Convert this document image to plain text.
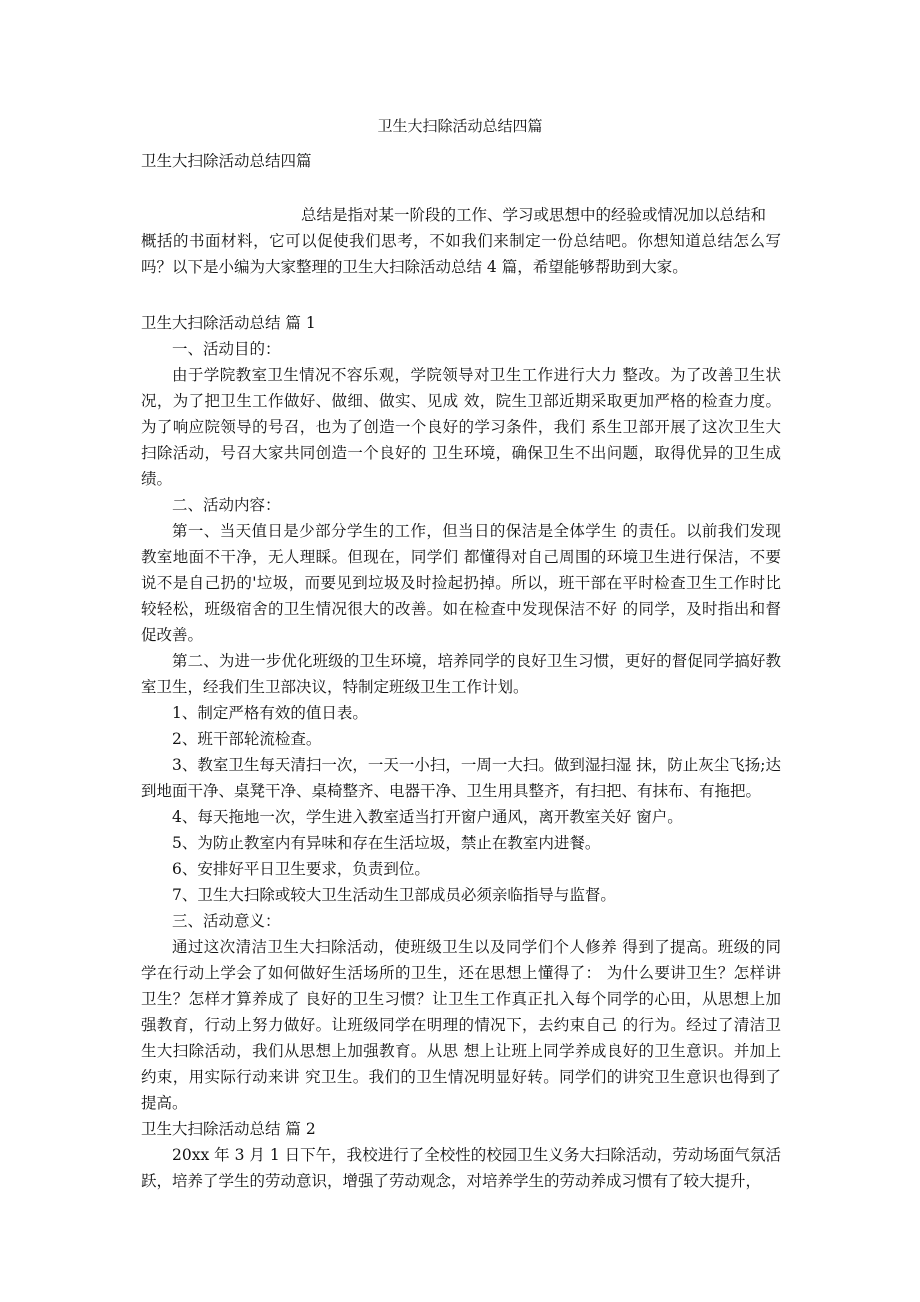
卫生大扫除活动总结四篇

卫生大扫除活动总结四篇

总结是指对某一阶段的工作、学习或思想中的经验或情况加以总结和

概括的书面材料，它可以促使我们思考，不如我们来制定一份总结吧。你想知道总结怎么写吗？以下是小编为大家整理的卫生大扫除活动总结 4 篇，希望能够帮助到大家。

卫生大扫除活动总结 篇 1

一、活动目的：

由于学院教室卫生情况不容乐观，学院领导对卫生工作进行大力 整改。为了改善卫生状况，为了把卫生工作做好、做细、做实、见成 效，院生卫部近期采取更加严格的检查力度。为了响应院领导的号召，也为了创造一个良好的学习条件，我们 系生卫部开展了这次卫生大扫除活动，号召大家共同创造一个良好的 卫生环境，确保卫生不出问题，取得优异的卫生成绩。

二、活动内容：

第一、当天值日是少部分学生的工作，但当日的保洁是全体学生 的责任。以前我们发现教室地面不干净，无人理睬。但现在，同学们 都懂得对自己周围的环境卫生进行保洁，不要说不是自己扔的'垃圾，而要见到垃圾及时捡起扔掉。所以，班干部在平时检查卫生工作时比 较轻松，班级宿舍的卫生情况很大的改善。如在检查中发现保洁不好 的同学，及时指出和督促改善。

第二、为进一步优化班级的卫生环境，培养同学的良好卫生习惯，更好的督促同学搞好教室卫生，经我们生卫部决议，特制定班级卫生工作计划。

1、制定严格有效的值日表。

2、班干部轮流检查。

3、教室卫生每天清扫一次，一天一小扫，一周一大扫。做到湿扫湿 抹，防止灰尘飞扬;达到地面干净、桌凳干净、桌椅整齐、电器干净、卫生用具整齐，有扫把、有抹布、有拖把。

4、每天拖地一次，学生进入教室适当打开窗户通风，离开教室关好 窗户。

5、为防止教室内有异味和存在生活垃圾，禁止在教室内进餐。

6、安排好平日卫生要求，负责到位。

7、卫生大扫除或较大卫生活动生卫部成员必须亲临指导与监督。

三、活动意义：

通过这次清洁卫生大扫除活动，使班级卫生以及同学们个人修养 得到了提高。班级的同学在行动上学会了如何做好生活场所的卫生，还在思想上懂得了： 为什么要讲卫生？怎样讲卫生？怎样才算养成了 良好的卫生习惯？让卫生工作真正扎入每个同学的心田，从思想上加 强教育，行动上努力做好。让班级同学在明理的情况下，去约束自己 的行为。经过了清洁卫生大扫除活动，我们从思想上加强教育。从思 想上让班上同学养成良好的卫生意识。并加上约束，用实际行动来讲 究卫生。我们的卫生情况明显好转。同学们的讲究卫生意识也得到了 提高。

卫生大扫除活动总结 篇 2

20xx 年 3 月 1 日下午，我校进行了全校性的校园卫生义务大扫除活动，劳动场面气氛活跃，培养了学生的劳动意识，增强了劳动观念，对培养学生的劳动养成习惯有了较大提升，
